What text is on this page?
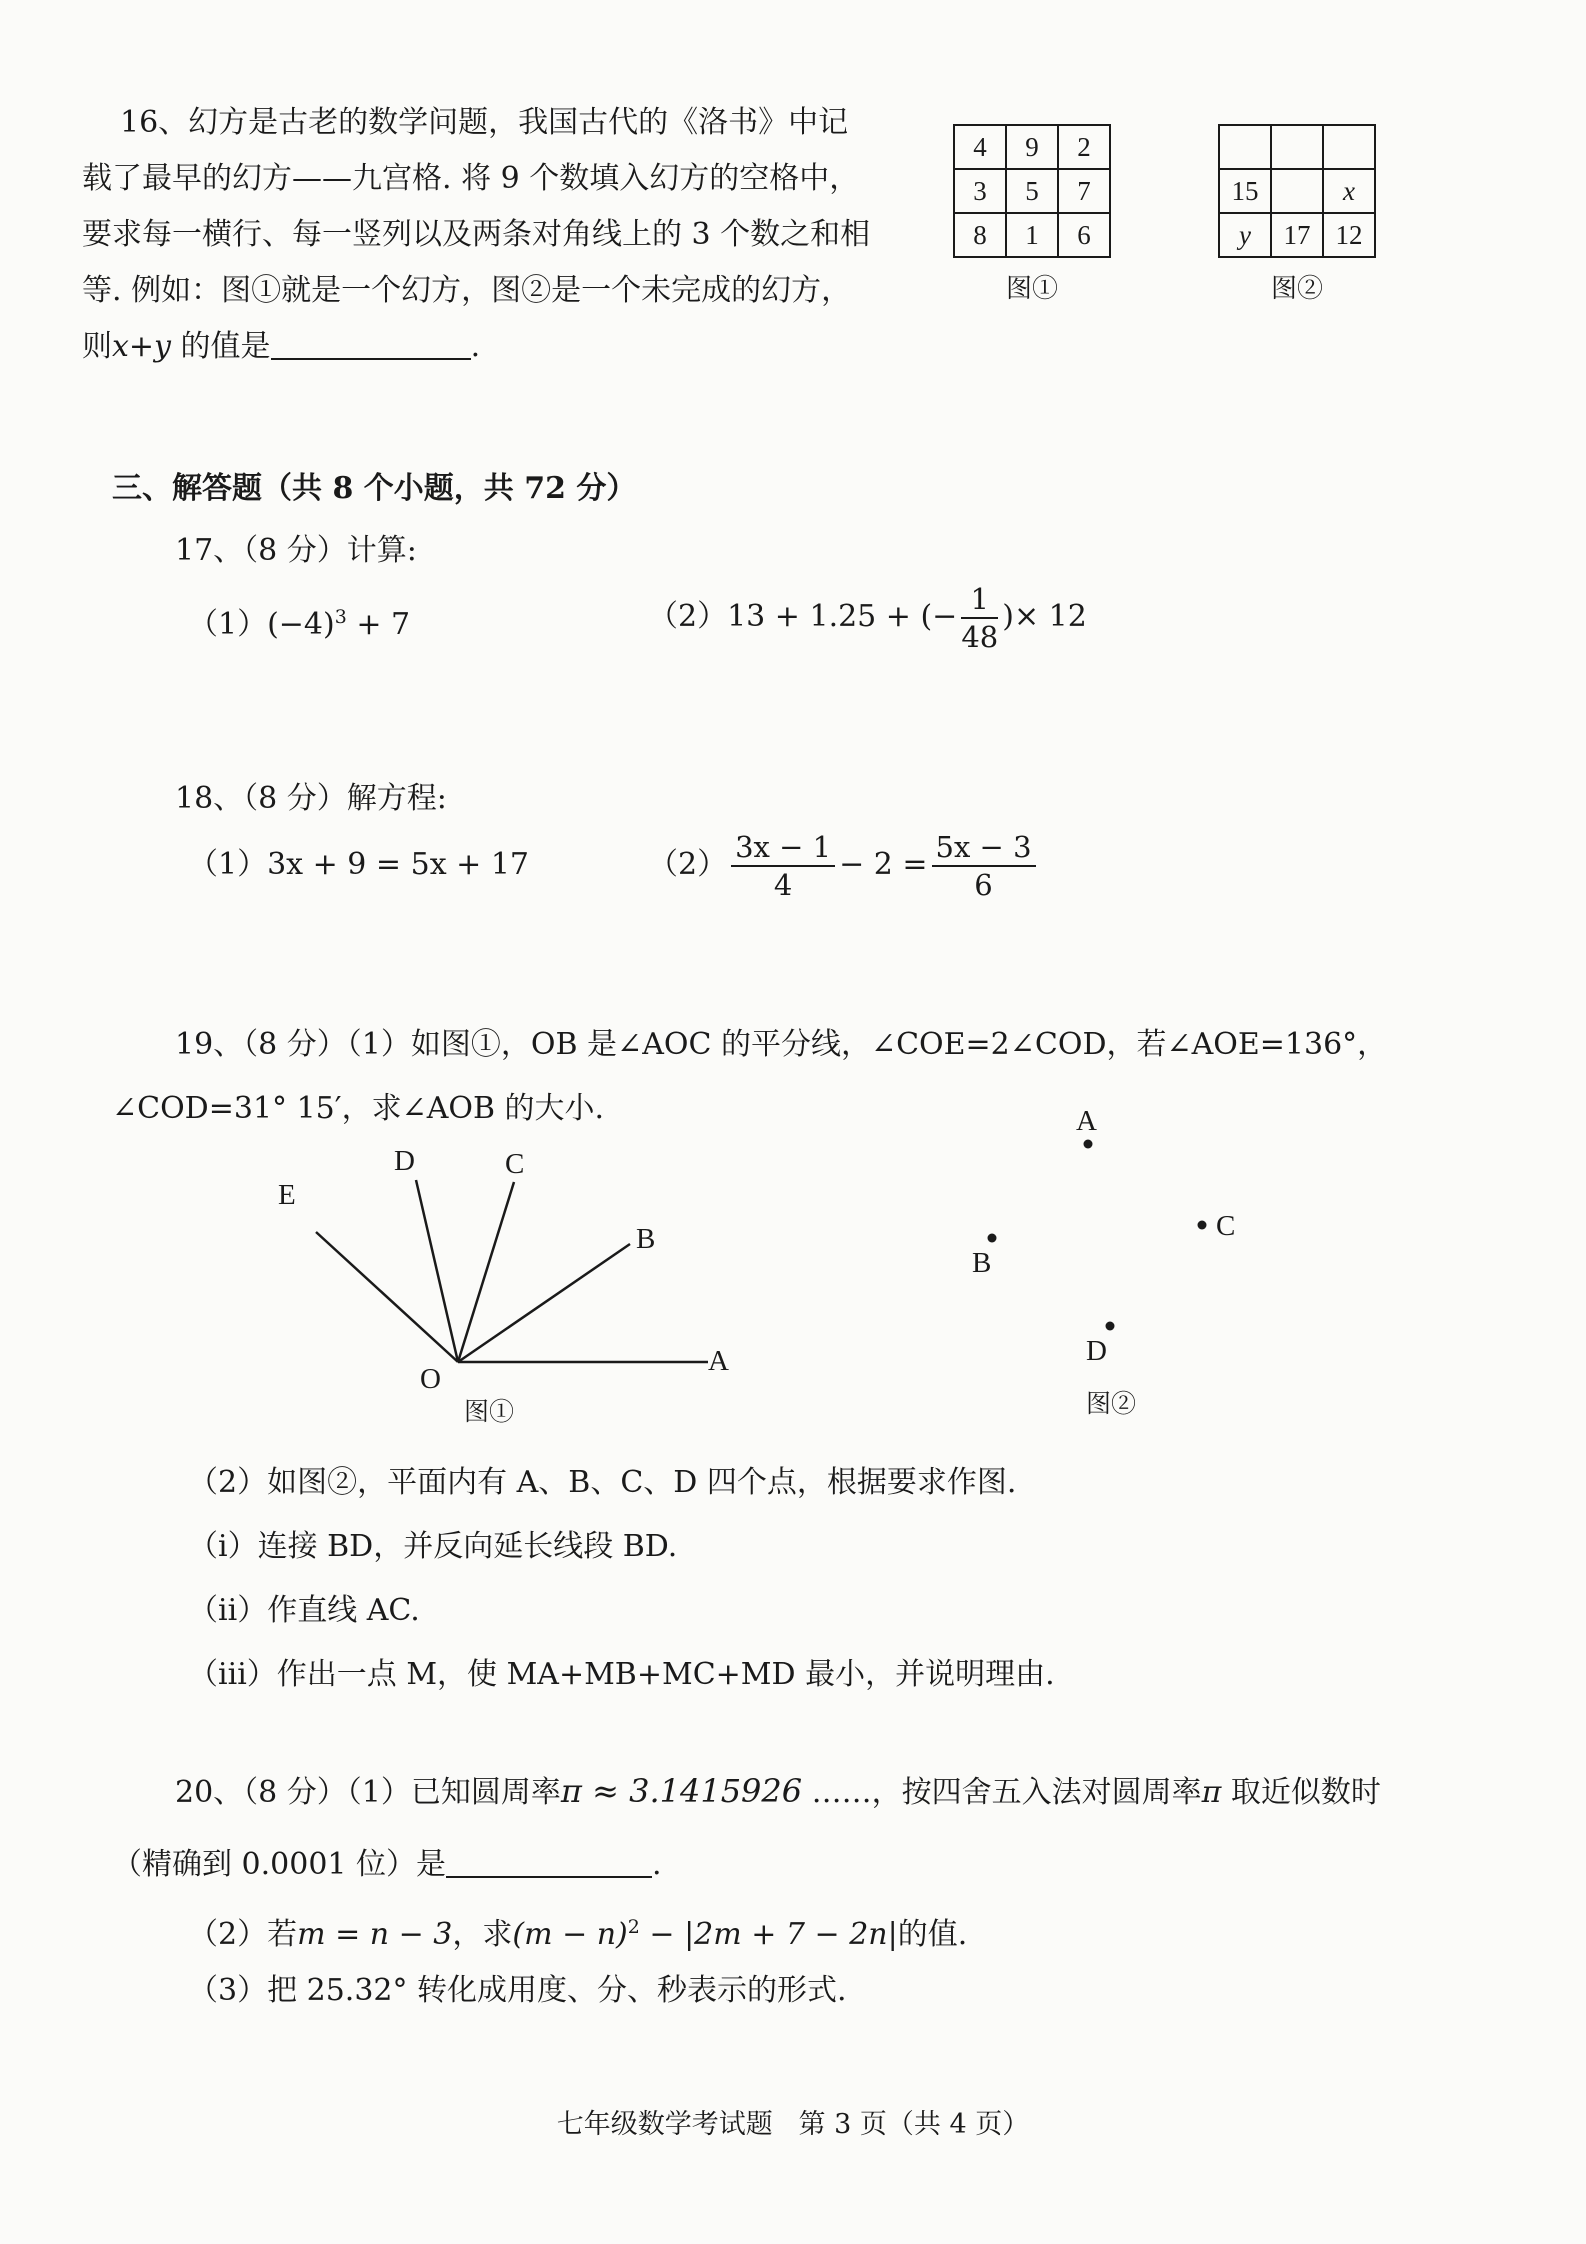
16、幻方是古老的数学问题，我国古代的《洛书》中记
载了最早的幻方——九宫格. 将 9 个数填入幻方的空格中，
要求每一横行、每一竖列以及两条对角线上的 3 个数之和相
等. 例如：图①就是一个幻方，图②是一个未完成的幻方，
则x+y 的值是	.
4	9	2
3	5	7
8	1	6
图①

15		x
y	17	12
图②
三、解答题（共 8 个小题，共 72 分）
17、（8 分）计算:
$(1)(-4)^3 + 7$	（2）13 + 1.25 + (− $\frac{1}{48}$ )× 12
18、（8 分）解方程:
（1）3x + 9 = 5x + 17	$(2) \frac{3x - 1}{4} - 2 = \frac{5x - 3}{6}$
19、（8 分）（1）如图①，OB 是∠AOC 的平分线，∠COE=2∠COD，若∠AOE=136°，
∠COD=31° 15′，求∠AOB 的大小.
E
D	C
B
A
O
图①
A
B
C
D
图②
（2）如图②，平面内有 A、B、C、D 四个点，根据要求作图.
（i）连接 BD，并反向延长线段 BD.
（ii）作直线 AC.
（iii）作出一点 M，使 MA+MB+MC+MD 最小，并说明理由.
20、（8 分）（1）已知圆周率π ≈ 3.1415926 ……，按四舍五入法对圆周率π 取近似数时
（精确到 0.0001 位）是	.
（2）若m = n − 3，求$(m - n)^2 - |2m + 7 - 2n|$的值.
（3）把 25.32° 转化成用度、分、秒表示的形式.
七年级数学考试题   第 3 页（共 4 页）
